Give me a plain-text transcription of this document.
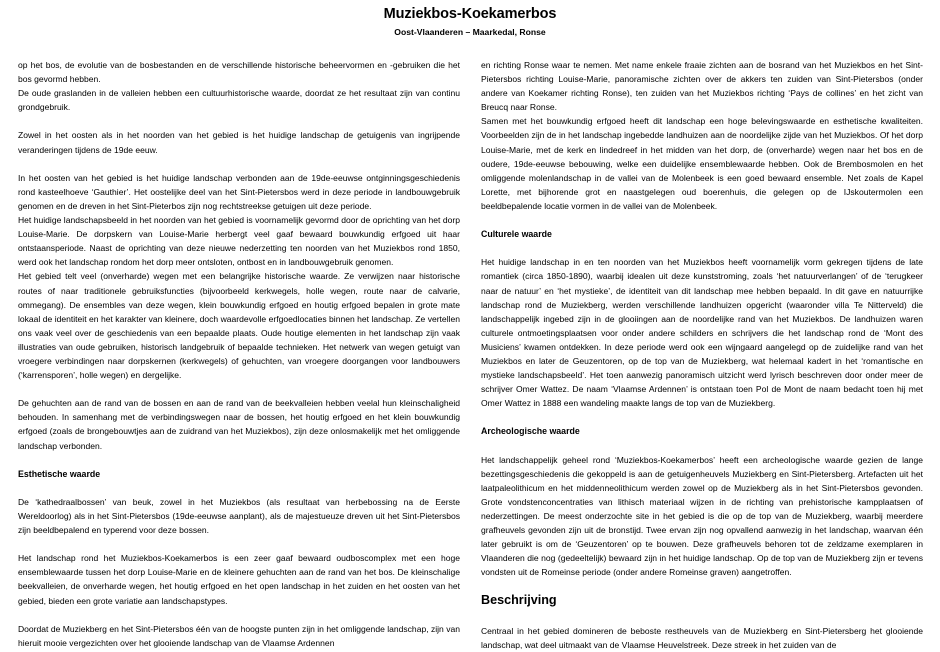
Muziekbos-Koekamerbos
Oost-Vlaanderen – Maarkedal, Ronse

op het bos, de evolutie van de bosbestanden en de verschillende historische beheervormen en -gebruiken die het bos gevormd hebben.

De oude graslanden in de valleien hebben een cultuurhistorische waarde, doordat ze het resultaat zijn van continu grondgebruik.

Zowel in het oosten als in het noorden van het gebied is het huidige landschap de getuigenis van ingrijpende veranderingen tijdens de 19de eeuw.

In het oosten van het gebied is het huidige landschap verbonden aan de 19de-eeuwse ontginningsgeschiedenis rond kasteelhoeve ‘Gauthier’. Het oostelijke deel van het Sint-Pietersbos werd in deze periode in landbouwgebruik genomen en de dreven in het Sint-Pieterbos zijn nog rechtstreekse getuigen uit deze periode.

Het huidige landschapsbeeld in het noorden van het gebied is voornamelijk gevormd door de oprichting van het dorp Louise-Marie. De dorpskern van Louise-Marie herbergt veel gaaf bewaard bouwkundig erfgoed uit haar ontstaansperiode. Naast de oprichting van deze nieuwe nederzetting ten noorden van het Muziekbos rond 1850, werd ook het landschap rondom het dorp meer ontsloten, ontbost en in landbouwgebruik genomen.

Het gebied telt veel (onverharde) wegen met een belangrijke historische waarde. Ze verwijzen naar historische routes of naar traditionele gebruiksfuncties (bijvoorbeeld kerkwegels, holle wegen, route naar de calvarie, ommegang). De ensembles van deze wegen, klein bouwkundig erfgoed en houtig erfgoed bepalen in grote mate lokaal de identiteit en het karakter van kleinere, doch waardevolle erfgoedlocaties binnen het landschap. Ze vertellen ons vaak veel over de geschiedenis van een bepaalde plaats. Oude houtige elementen in het landschap zijn vaak illustraties van oude gebruiken, historisch landgebruik of bepaalde technieken. Het netwerk van wegen getuigt van vroegere verbindingen naar dorpskernen (kerkwegels) of gehuchten, van vroegere doorgangen voor landbouwers (‘karrensporen’, holle wegen) en dergelijke.

De gehuchten aan de rand van de bossen en aan de rand van de beekvalleien hebben veelal hun kleinschaligheid behouden. In samenhang met de verbindingswegen naar de bossen, het houtig erfgoed en het klein bouwkundig erfgoed (zoals de brongebouwtjes aan de zuidrand van het Muziekbos), zijn deze onlosmakelijk met het omliggende landschap verbonden.

Esthetische waarde

De ‘kathedraalbossen’ van beuk, zowel in het Muziekbos (als resultaat van herbebossing na de Eerste Wereldoorlog) als in het Sint-Pietersbos (19de-eeuwse aanplant), als de majestueuze dreven uit het Sint-Pietersbos zijn beeldbepalend en typerend voor deze bossen.

Het landschap rond het Muziekbos-Koekamerbos is een zeer gaaf bewaard oudboscomplex met een hoge ensemblewaarde tussen het dorp Louise-Marie en de kleinere gehuchten aan de rand van het bos. De kleinschalige beekvalleien, de onverharde wegen, het houtig erfgoed en het open landschap in het zuiden en het oosten van het gebied, bieden een grote variatie aan landschapstypes.

Doordat de Muziekberg en het Sint-Pietersbos één van de hoogste punten zijn in het omliggende landschap, zijn van hieruit mooie vergezichten over het glooiende landschap van de Vlaamse Ardennen

en richting Ronse waar te nemen. Met name enkele fraaie zichten aan de bosrand van het Muziekbos en het Sint-Pietersbos richting Louise-Marie, panoramische zichten over de akkers ten zuiden van Sint-Pietersbos (onder andere van Koekamer richting Ronse), ten zuiden van het Muziekbos richting ‘Pays de collines’ en het zicht van Breucq naar Ronse.

Samen met het bouwkundig erfgoed heeft dit landschap een hoge belevingswaarde en esthetische kwaliteiten. Voorbeelden zijn de in het landschap ingebedde landhuizen aan de noordelijke zijde van het Muziekbos. Of het dorp Louise-Marie, met de kerk en lindedreef in het midden van het dorp, de (onverharde) wegen naar het bos en de oudere, 19de-eeuwse bebouwing, welke een duidelijke ensemblewaarde hebben. Ook de Brembosmolen en het omliggende molenlandschap in de vallei van de Molenbeek is een goed bewaard ensemble. Net zoals de Kapel Lorette, met bijhorende grot en naastgelegen oud boerenhuis, die gelegen op de IJskoutermolen een beeldbepalende locatie vormen in de vallei van de Molenbeek.

Culturele waarde

Het huidige landschap in en ten noorden van het Muziekbos heeft voornamelijk vorm gekregen tijdens de late romantiek (circa 1850-1890), waarbij idealen uit deze kunststroming, zoals ‘het natuurverlangen’ of de ‘terugkeer naar de natuur’ en ‘het mystieke’, de identiteit van dit landschap mee hebben bepaald. In dit gave en natuurrijke landschap rond de Muziekberg, werden verschillende landhuizen opgericht (waaronder villa Te Nitterveld) die landschappelijk ingebed zijn in de glooiingen aan de noordelijke rand van het Muziekbos. De landhuizen waren culturele ontmoetingsplaatsen voor onder andere schilders en schrijvers die het landschap rond de ‘Mont des Musiciens’ kwamen ontdekken. In deze periode werd ook een wijngaard aangelegd op de zuidelijke rand van het Muziekbos en later de Geuzentoren, op de top van de Muziekberg, wat helemaal kadert in het ‘romantische en mystieke landschapsbeeld’. Het toen aanwezig panoramisch uitzicht werd lyrisch beschreven door onder meer de schrijver Omer Wattez. De naam ‘Vlaamse Ardennen’ is ontstaan toen Pol de Mont de naam bedacht toen hij met Omer Wattez in 1888 een wandeling maakte langs de top van de Muziekberg.

Archeologische waarde

Het landschappelijk geheel rond ‘Muziekbos-Koekamerbos’ heeft een archeologische waarde gezien de lange bezettingsgeschiedenis die gekoppeld is aan de getuigenheuvels Muziekberg en Sint-Pietersberg. Artefacten uit het laatpaleolithicum en het middenneolithicum werden zowel op de Muziekberg als in het Sint-Pietersbos gevonden. Grote vondstenconcentraties van lithisch materiaal wijzen in de richting van prehistorische kampplaatsen of nederzettingen. De meest onderzochte site in het gebied is die op de top van de Muziekberg, waarbij meerdere grafheuvels gevonden zijn uit de bronstijd. Twee ervan zijn nog opvallend aanwezig in het landschap, waarvan één later gebruikt is om de ‘Geuzentoren’ op te bouwen. Deze grafheuvels behoren tot de zeldzame exemplaren in Vlaanderen die nog (gedeeltelijk) bewaard zijn in het huidige landschap. Op de top van de Muziekberg zijn er tevens vondsten uit de Romeinse periode (onder andere Romeinse graven) aangetroffen.

Beschrijving

Centraal in het gebied domineren de beboste restheuvels van de Muziekberg en Sint-Pietersberg het glooiende landschap, wat deel uitmaakt van de Vlaamse Heuvelstreek. Deze streek in het zuiden van de
